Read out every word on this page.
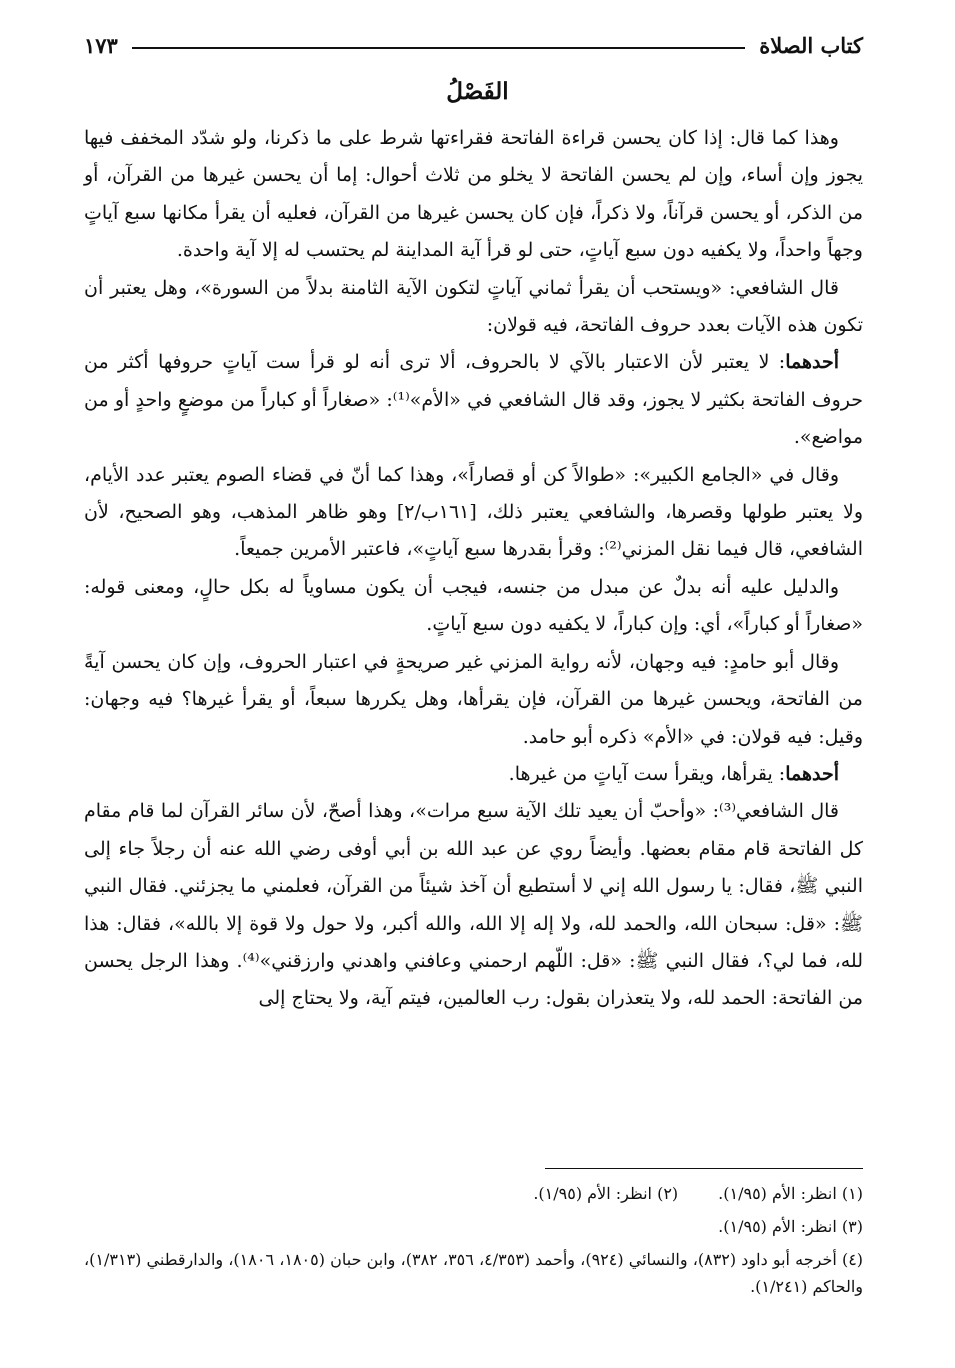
كتاب الصلاة
١٧٣
الفَصْلُ

وهذا كما قال: إذا كان يحسن قراءة الفاتحة فقراءتها شرط على ما ذكرنا، ولو شدّد المخفف فيها يجوز وإن أساء، وإن لم يحسن الفاتحة لا يخلو من ثلاث أحوال: إما أن يحسن غيرها من القرآن، أو من الذكر، أو يحسن قرآناً، ولا ذكراً، فإن كان يحسن غيرها من القرآن، فعليه أن يقرأ مكانها سبع آياتٍ وجهاً واحداً، ولا يكفيه دون سبع آياتٍ، حتى لو قرأ آية المداينة لم يحتسب له إلا آية واحدة.

قال الشافعي: «ويستحب أن يقرأ ثماني آياتٍ لتكون الآية الثامنة بدلاً من السورة»، وهل يعتبر أن تكون هذه الآيات بعدد حروف الفاتحة، فيه قولان:

أحدهما: لا يعتبر لأن الاعتبار بالآي لا بالحروف، ألا ترى أنه لو قرأ ست آياتٍ حروفها أكثر من حروف الفاتحة بكثير لا يجوز، وقد قال الشافعي في «الأم»⁽¹⁾: «صغاراً أو كباراً من موضعٍ واحدٍ أو من مواضع».

وقال في «الجامع الكبير»: «طوالاً كن أو قصاراً»، وهذا كما أنّ في قضاء الصوم يعتبر عدد الأيام، ولا يعتبر طولها وقصرها، والشافعي يعتبر ذلك، [١٦١ب/٢] وهو ظاهر المذهب، وهو الصحيح، لأن الشافعي، قال فيما نقل المزني⁽²⁾: وقرأ بقدرها سبع آياتٍ»، فاعتبر الأمرين جميعاً.

والدليل عليه أنه بدلٌ عن مبدل من جنسه، فيجب أن يكون مساوياً له بكل حالٍ، ومعنى قوله: «صغاراً أو كباراً»، أي: وإن كباراً، لا يكفيه دون سبع آياتٍ.

وقال أبو حامدٍ: فيه وجهان، لأنه رواية المزني غير صريحةٍ في اعتبار الحروف، وإن كان يحسن آيةً من الفاتحة، ويحسن غيرها من القرآن، فإن يقرأها، وهل يكررها سبعاً، أو يقرأ غيرها؟ فيه وجهان: وقيل: فيه قولان: في «الأم» ذكره أبو حامد.

أحدهما: يقرأها، ويقرأ ست آياتٍ من غيرها.

قال الشافعي⁽³⁾: «وأحبّ أن يعيد تلك الآية سبع مرات»، وهذا أصحّ، لأن سائر القرآن لما قام مقام كل الفاتحة قام مقام بعضها. وأيضاً روي عن عبد الله بن أبي أوفى رضي الله عنه أن رجلاً جاء إلى النبي ﷺ، فقال: يا رسول الله إني لا أستطيع أن آخذ شيئاً من القرآن، فعلمني ما يجزئني. فقال النبي ﷺ: «قل: سبحان الله، والحمد لله، ولا إله إلا الله، والله أكبر، ولا حول ولا قوة إلا بالله»، فقال: هذا لله، فما لي؟، فقال النبي ﷺ: «قل: اللّهم ارحمني وعافني واهدني وارزقني»⁽⁴⁾. وهذا الرجل يحسن من الفاتحة: الحمد لله، ولا يتعذران بقول: رب العالمين، فيتم آية، ولا يحتاج إلى

(١) انظر: الأم (١/٩٥).
(٢) انظر: الأم (١/٩٥).
(٣) انظر: الأم (١/٩٥).
(٤) أخرجه أبو داود (٨٣٢)، والنسائي (٩٢٤)، وأحمد (٤/٣٥٣، ٣٥٦، ٣٨٢)، وابن حبان (١٨٠٥، ١٨٠٦)، والدارقطني (١/٣١٣)، والحاكم (١/٢٤١).
